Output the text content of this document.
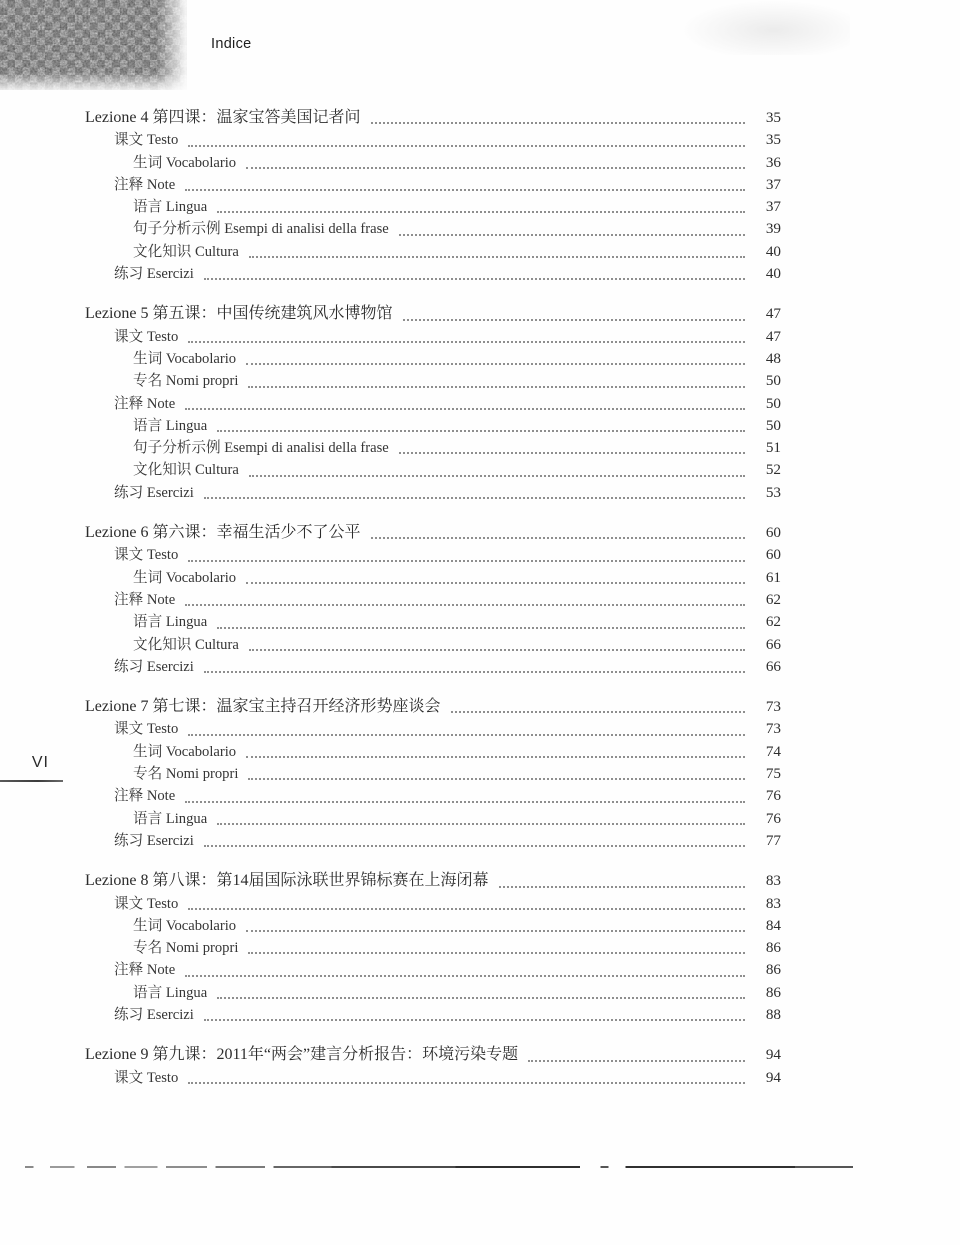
Indice
Lezione 4 第四课：温家宝答美国记者问	35
课文 Testo	35
生词 Vocabolario	36
注释 Note	37
语言 Lingua	37
句子分析示例 Esempi di analisi della frase	39
文化知识 Cultura	40
练习 Esercizi	40
Lezione 5 第五课：中国传统建筑风水博物馆	47
课文 Testo	47
生词 Vocabolario	48
专名 Nomi propri	50
注释 Note	50
语言 Lingua	50
句子分析示例 Esempi di analisi della frase	51
文化知识 Cultura	52
练习 Esercizi	53
Lezione 6 第六课：幸福生活少不了公平	60
课文 Testo	60
生词 Vocabolario	61
注释 Note	62
语言 Lingua	62
文化知识 Cultura	66
练习 Esercizi	66
Lezione 7 第七课：温家宝主持召开经济形势座谈会	73
课文 Testo	73
生词 Vocabolario	74
专名 Nomi propri	75
注释 Note	76
语言 Lingua	76
练习 Esercizi	77
Lezione 8 第八课：第14届国际泳联世界锦标赛在上海闭幕	83
课文 Testo	83
生词 Vocabolario	84
专名 Nomi propri	86
注释 Note	86
语言 Lingua	86
练习 Esercizi	88
Lezione 9 第九课：2011年“两会”建言分析报告：环境污染专题	94
课文 Testo	94
VI
